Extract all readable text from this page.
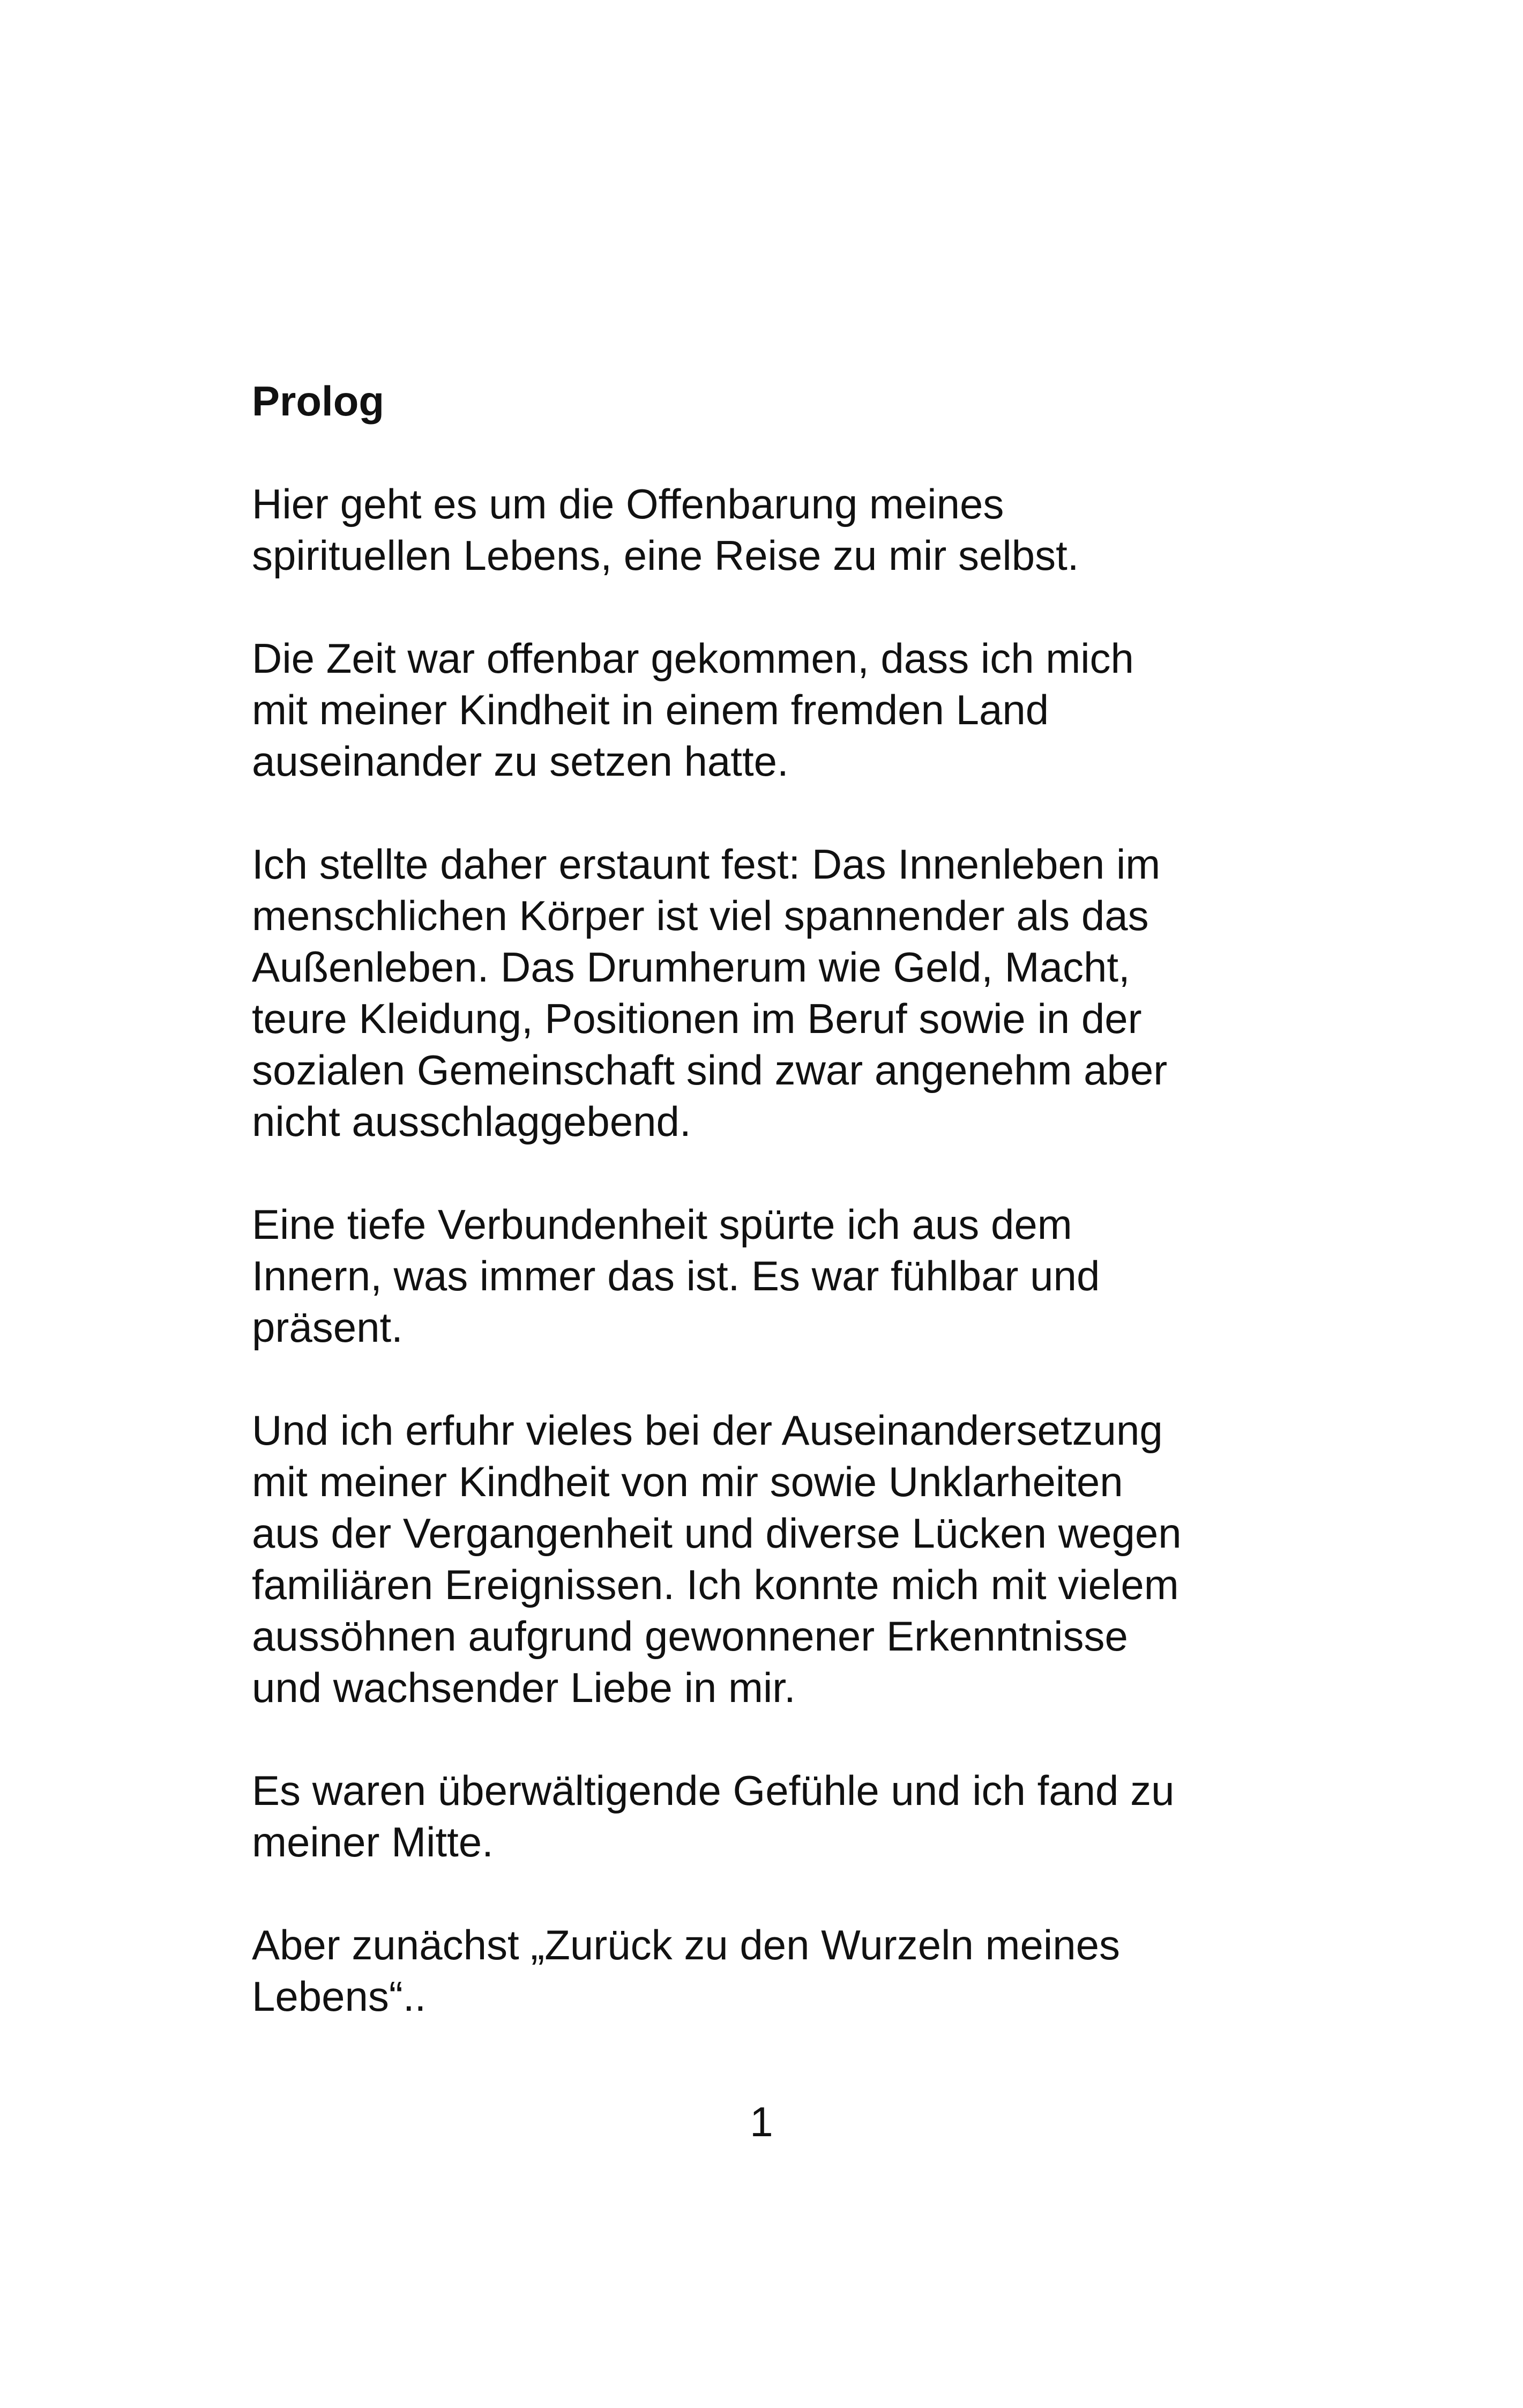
Prolog
Hier geht es um die Offenbarung meines
spirituellen Lebens, eine Reise zu mir selbst.
Die Zeit war offenbar gekommen, dass ich mich
mit meiner Kindheit in einem fremden Land
auseinander zu setzen hatte.
Ich stellte daher erstaunt fest: Das Innenleben im
menschlichen Körper ist viel spannender als das
Außenleben. Das Drumherum wie Geld, Macht,
teure Kleidung, Positionen im Beruf sowie in der
sozialen Gemeinschaft sind zwar angenehm aber
nicht ausschlaggebend.
Eine tiefe Verbundenheit spürte ich aus dem
Innern, was immer das ist. Es war fühlbar und
präsent.
Und ich erfuhr vieles bei der Auseinandersetzung
mit meiner Kindheit von mir sowie Unklarheiten
aus der Vergangenheit und diverse Lücken wegen
familiären Ereignissen. Ich konnte mich mit vielem
aussöhnen aufgrund gewonnener Erkenntnisse
und wachsender Liebe in mir.
Es waren überwältigende Gefühle und ich fand zu
meiner Mitte.
Aber zunächst „Zurück zu den Wurzeln meines
Lebens“..
1
